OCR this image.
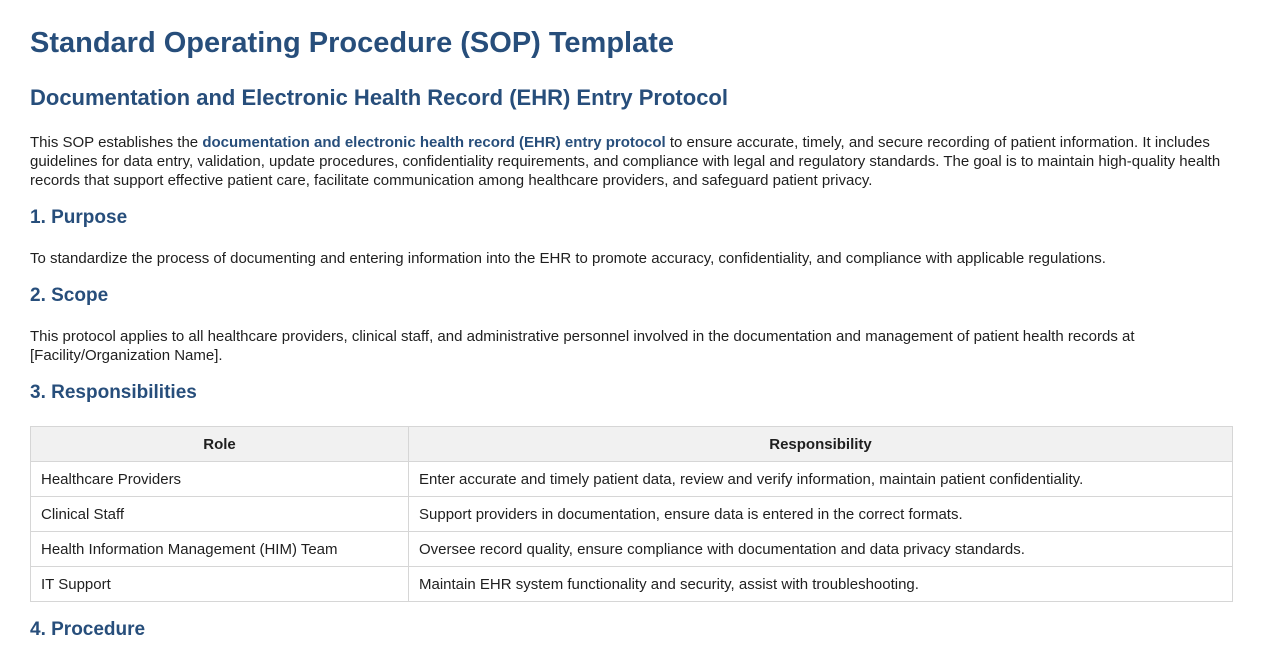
Standard Operating Procedure (SOP) Template
Documentation and Electronic Health Record (EHR) Entry Protocol

This SOP establishes the documentation and electronic health record (EHR) entry protocol to ensure accurate, timely, and secure recording of patient information. It includes guidelines for data entry, validation, update procedures, confidentiality requirements, and compliance with legal and regulatory standards. The goal is to maintain high-quality health records that support effective patient care, facilitate communication among healthcare providers, and safeguard patient privacy.

1. Purpose

To standardize the process of documenting and entering information into the EHR to promote accuracy, confidentiality, and compliance with applicable regulations.

2. Scope

This protocol applies to all healthcare providers, clinical staff, and administrative personnel involved in the documentation and management of patient health records at [Facility/Organization Name].

3. Responsibilities
Role	Responsibility
Healthcare Providers	Enter accurate and timely patient data, review and verify information, maintain patient confidentiality.
Clinical Staff	Support providers in documentation, ensure data is entered in the correct formats.
Health Information Management (HIM) Team	Oversee record quality, ensure compliance with documentation and data privacy standards.
IT Support	Maintain EHR system functionality and security, assist with troubleshooting.
4. Procedure
